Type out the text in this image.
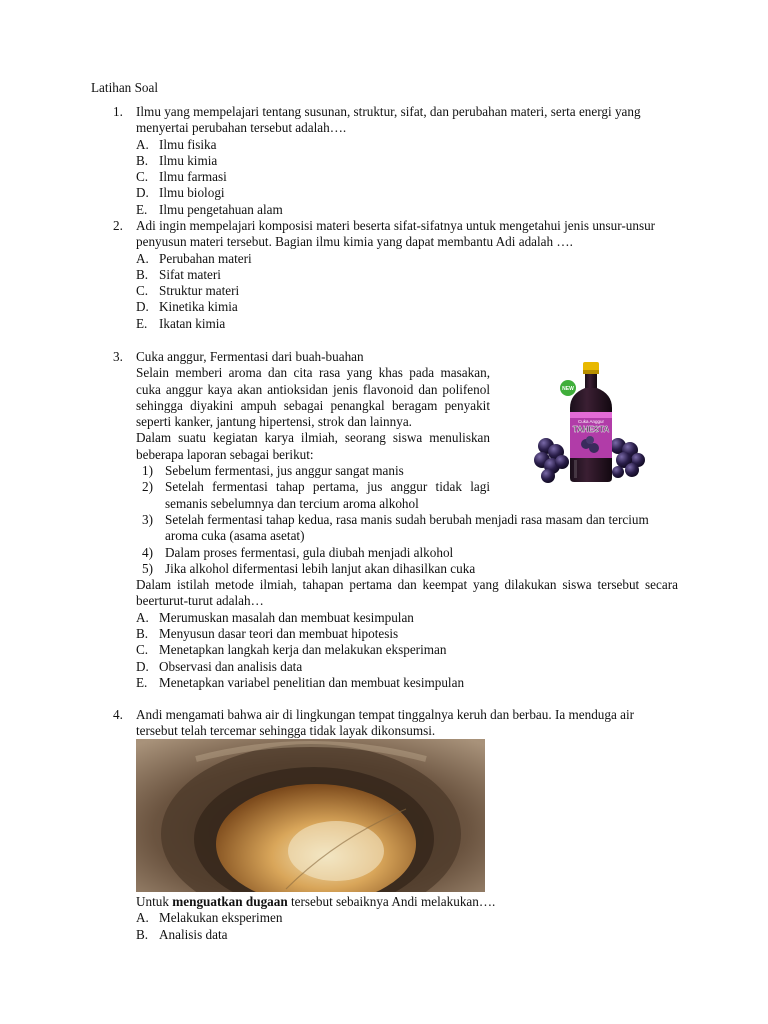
Latihan Soal
1. Ilmu yang mempelajari tentang susunan, struktur, sifat, dan perubahan materi, serta energi yang menyertai perubahan tersebut adalah….
A. Ilmu fisika
B. Ilmu kimia
C. Ilmu farmasi
D. Ilmu biologi
E. Ilmu pengetahuan alam
2. Adi ingin mempelajari komposisi materi beserta sifat-sifatnya untuk mengetahui jenis unsur-unsur penyusun materi tersebut. Bagian ilmu kimia yang dapat membantu Adi adalah ….
A. Perubahan materi
B. Sifat materi
C. Struktur materi
D. Kinetika kimia
E. Ikatan kimia
3. Cuka anggur, Fermentasi dari buah-buahan
Selain memberi aroma dan cita rasa yang khas pada masakan, cuka anggur kaya akan antioksidan jenis flavonoid dan polifenol sehingga diyakini ampuh sebagai penangkal beragam penyakit seperti kanker, jantung hipertensi, strok dan lainnya.
Dalam suatu kegiatan karya ilmiah, seorang siswa menuliskan beberapa laporan sebagai berikut:
1) Sebelum fermentasi, jus anggur sangat manis
2) Setelah fermentasi tahap pertama, jus anggur tidak lagi semanis sebelumnya dan tercium aroma alkohol
3) Setelah fermentasi tahap kedua, rasa manis sudah berubah menjadi rasa masam dan tercium aroma cuka (asama asetat)
4) Dalam proses fermentasi, gula diubah menjadi alkohol
5) Jika alkohol difermentasi lebih lanjut akan dihasilkan cuka
Dalam istilah metode ilmiah, tahapan pertama dan keempat yang dilakukan siswa tersebut secara beerturut-turut adalah…
A. Merumuskan masalah dan membuat kesimpulan
B. Menyusun dasar teori dan membuat hipotesis
C. Menetapkan langkah kerja dan melakukan eksperiman
D. Observasi dan analisis data
E. Menetapkan variabel penelitian dan membuat kesimpulan
Cuka Anggur
TAHESTA
NEW
4. Andi mengamati bahwa air di lingkungan tempat tinggalnya keruh dan berbau. Ia menduga air tersebut telah tercemar sehingga tidak layak dikonsumsi.
Untuk menguatkan dugaan tersebut sebaiknya Andi melakukan….
A. Melakukan eksperimen
B. Analisis data
